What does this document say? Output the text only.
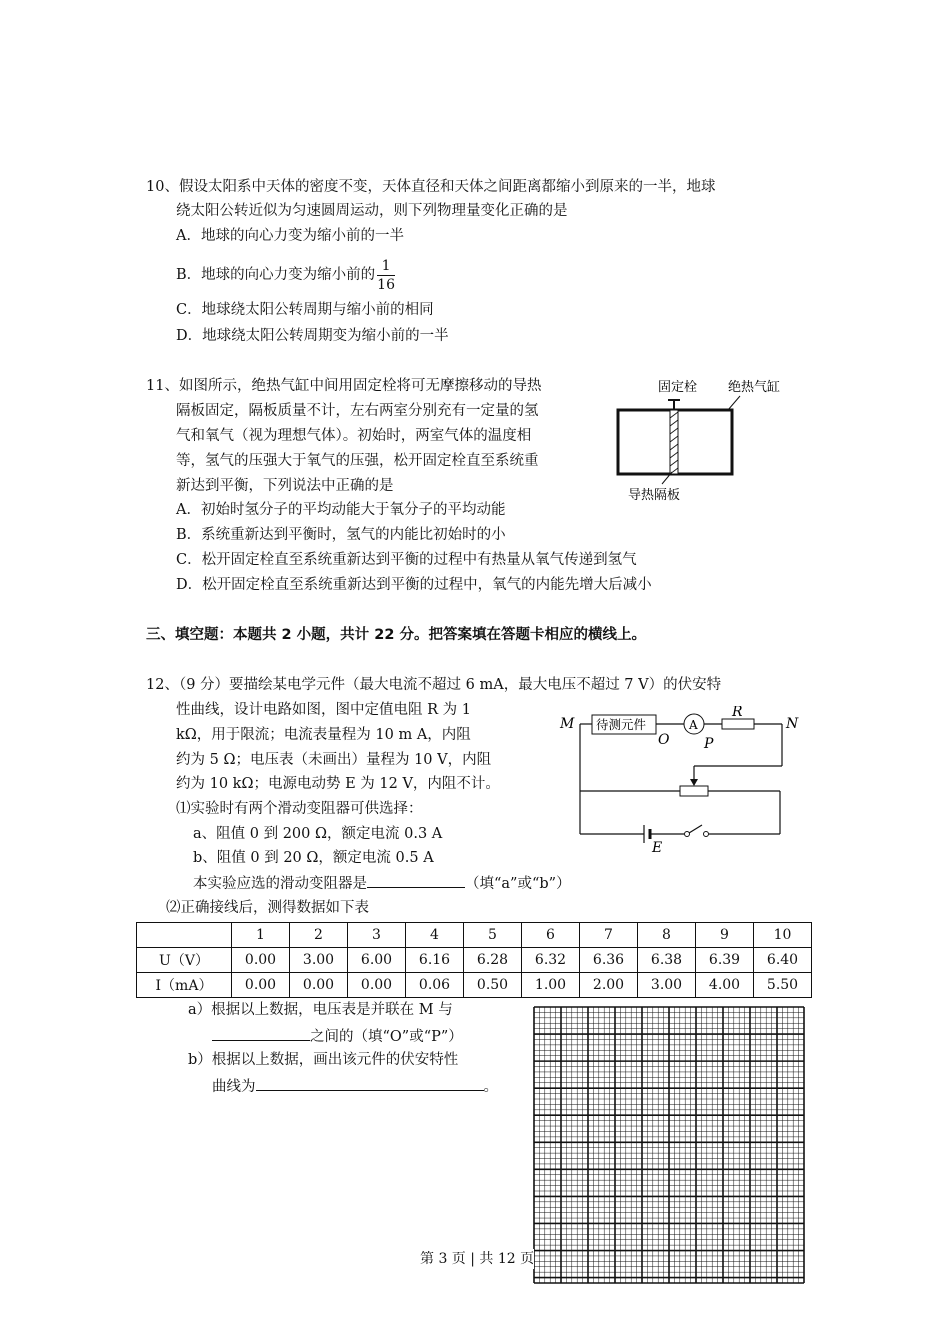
10、假设太阳系中天体的密度不变，天体直径和天体之间距离都缩小到原来的一半，地球
绕太阳公转近似为匀速圆周运动，则下列物理量变化正确的是
A．地球的向心力变为缩小前的一半
B．地球的向心力变为缩小前的 $\frac{1}{16}$
C．地球绕太阳公转周期与缩小前的相同
D．地球绕太阳公转周期变为缩小前的一半
11、如图所示，绝热气缸中间用固定栓将可无摩擦移动的导热
隔板固定，隔板质量不计，左右两室分别充有一定量的氢
气和氧气（视为理想气体）。初始时，两室气体的温度相
等，氢气的压强大于氧气的压强，松开固定栓直至系统重
新达到平衡，下列说法中正确的是
A．初始时氢分子的平均动能大于氧分子的平均动能
B．系统重新达到平衡时，氢气的内能比初始时的小
C．松开固定栓直至系统重新达到平衡的过程中有热量从氧气传递到氢气
D．松开固定栓直至系统重新达到平衡的过程中，氧气的内能先增大后减小
固定栓 绝热气缸
导热隔板
三、填空题：本题共 2 小题，共计 22 分。把答案填在答题卡相应的横线上。
12、（9 分）要描绘某电学元件（最大电流不超过 6 mA，最大电压不超过 7 V）的伏安特
性曲线，设计电路如图，图中定值电阻 R 为 1
kΩ，用于限流；电流表量程为 10 m A，内阻
约为 5 Ω；电压表（未画出）量程为 10 V，内阻
约为 10 kΩ；电源电动势 E 为 12 V，内阻不计。
⑴实验时有两个滑动变阻器可供选择：
a、阻值 0 到 200 Ω，额定电流 0.3 A
b、阻值 0 到 20 Ω，额定电流 0.5 A
本实验应选的滑动变阻器是	（填“a”或“b”）
⑵正确接线后，测得数据如下表
M 待测元件	A
O P
R
N
E
	1	2	3	4	5	6	7	8	9	10
U（V）	0.00	3.00	6.00	6.16	6.28	6.32	6.36	6.38	6.39	6.40
I（mA）	0.00	0.00	0.00	0.06	0.50	1.00	2.00	3.00	4.00	5.50
a）根据以上数据，电压表是并联在 M 与
之间的（填“O”或“P”）
b）根据以上数据，画出该元件的伏安特性
曲线为	。
第 3 页 | 共 12 页
